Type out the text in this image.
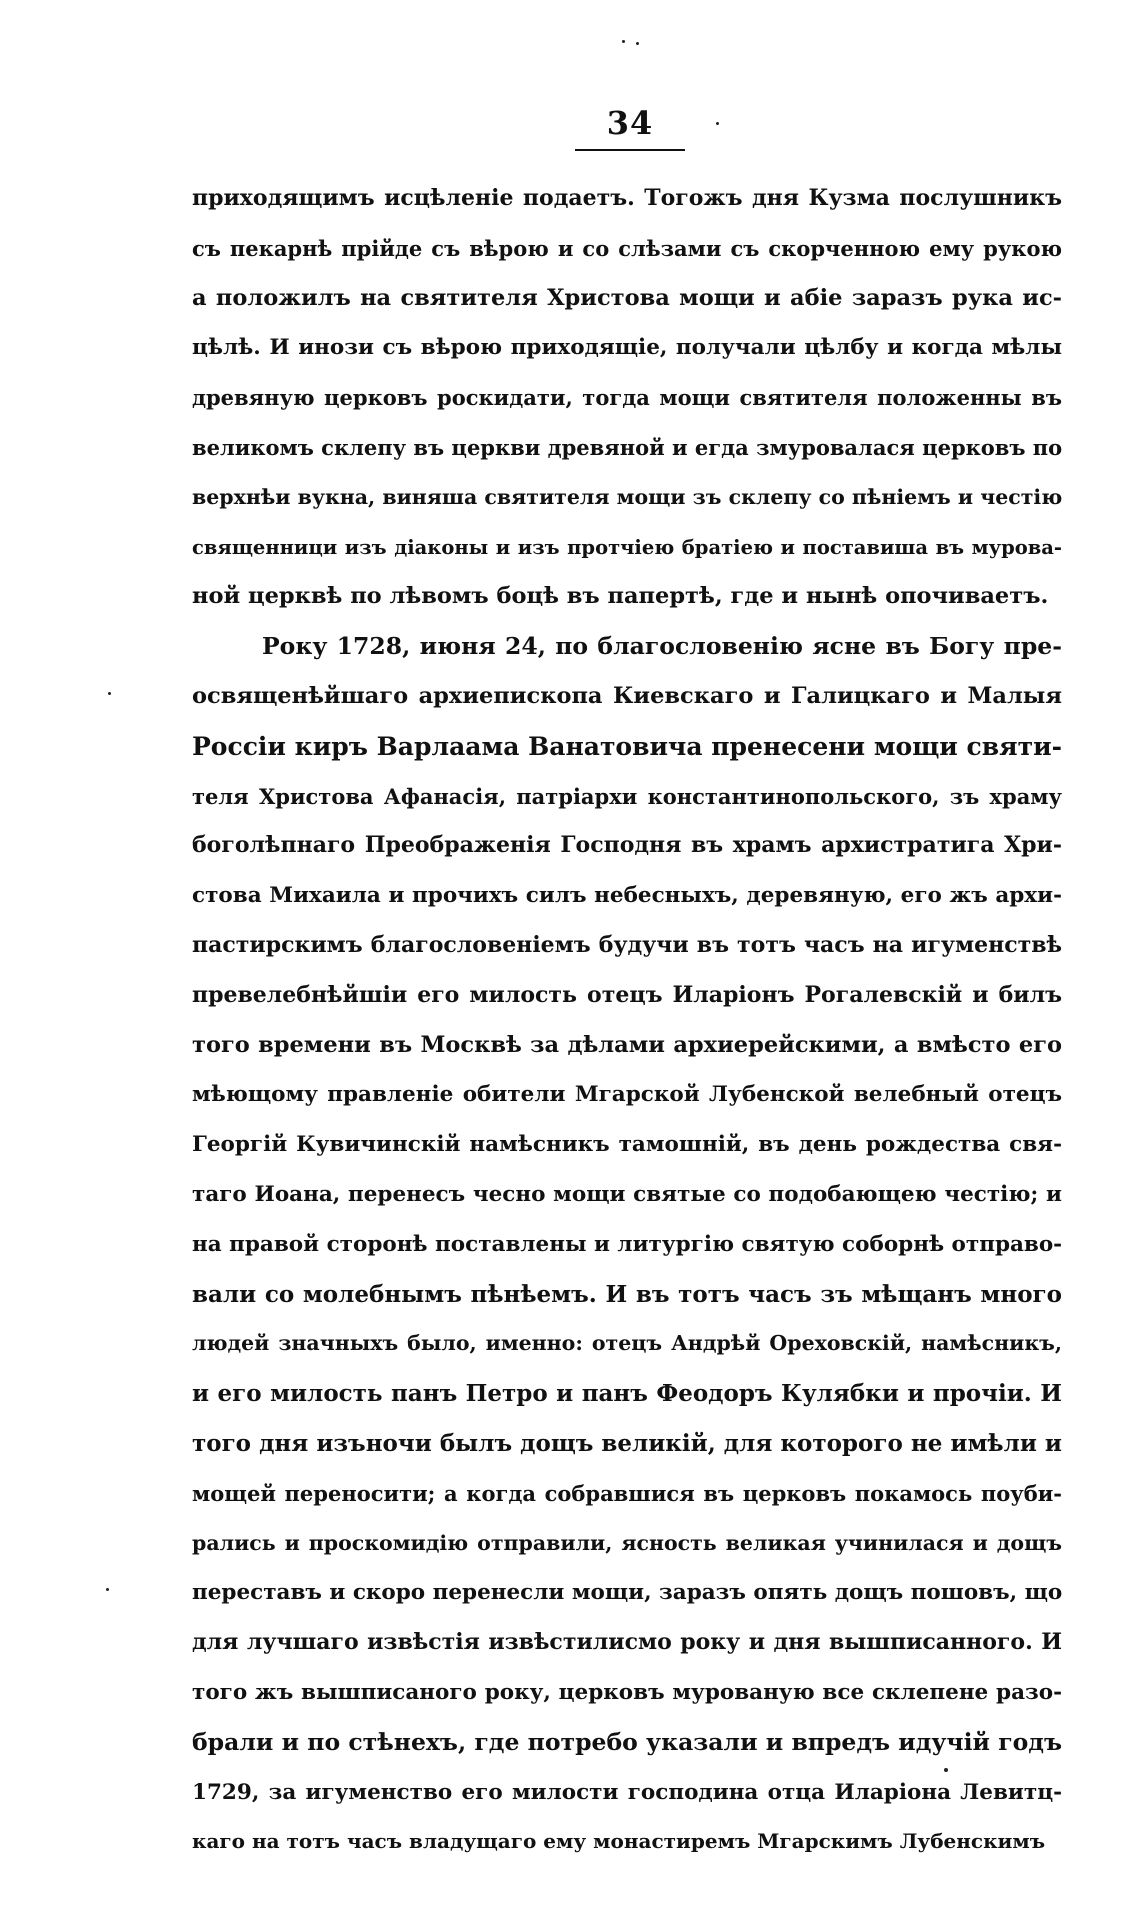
34
приходящимъ исцѣленіе подаетъ. Тогожъ дня Кузма послушникъ
съ пекарнѣ прійде съ вѣрою и со слѣзами съ скорченною ему рукою
а положилъ на святителя Христова мощи и абіе заразъ рука ис-
цѣлѣ. И инози съ вѣрою приходящіе, получали цѣлбу и когда мѣлы
древяную церковъ роскидати, тогда мощи святителя положенны въ
великомъ склепу въ церкви древяной и егда змуровалася церковъ по
верхнѣи вукна, виняша святителя мощи зъ склепу со пѣніемъ и честію
священници изъ діаконы и изъ протчіею братіею и поставиша въ мурова-
ной церквѣ по лѣвомъ боцѣ въ папертѣ, где и нынѣ опочиваетъ.
Року 1728, июня 24, по благословенію ясне въ Богу пре-
освященѣйшаго архиепископа Киевскаго и Галицкаго и Малыя
Россіи киръ Варлаама Ванатовича пренесени мощи святи-
теля Христова Афанасія, патріархи константинопольского, зъ храму
боголѣпнаго Преображенія Господня въ храмъ архистратига Хри-
стова Михаила и прочихъ силъ небесныхъ, деревяную, его жъ архи-
пастирскимъ благословеніемъ будучи въ тотъ часъ на игуменствѣ
превелебнѣйшіи его милость отецъ Иларіонъ Рогалевскій и билъ
того времени въ Москвѣ за дѣлами архиерейскими, а вмѣсто его
мѣющому правленіе обители Мгарской Лубенской велебный отецъ
Георгій Кувичинскій намѣсникъ тамошній, въ день рождества свя-
таго Иоана, перенесъ чесно мощи святые со подобающею честію; и
на правой сторонѣ поставлены и литургію святую соборнѣ отправо-
вали со молебнымъ пѣнѣемъ. И въ тотъ часъ зъ мѣщанъ много
людей значныхъ было, именно: отецъ Андрѣй Ореховскій, намѣсникъ,
и его милость панъ Петро и панъ Феодоръ Кулябки и прочіи. И
того дня изъночи былъ дощъ великій, для которого не имѣли и
мощей переносити; а когда собравшися въ церковъ покамось поуби-
рались и проскомидію отправили, ясность великая учинилася и дощъ
переставъ и скоро перенесли мощи, заразъ опять дощъ пошовъ, що
для лучшаго извѣстія извѣстилисмо року и дня вышписанного. И
того жъ вышписаного року, церковъ мурованую все склепене разо-
брали и по стѣнехъ, где потребо указали и впредъ идучій годъ
1729, за игуменство его милости господина отца Иларіона Левитц-
каго на тотъ часъ владущаго ему монастиремъ Мгарскимъ Лубенскимъ
